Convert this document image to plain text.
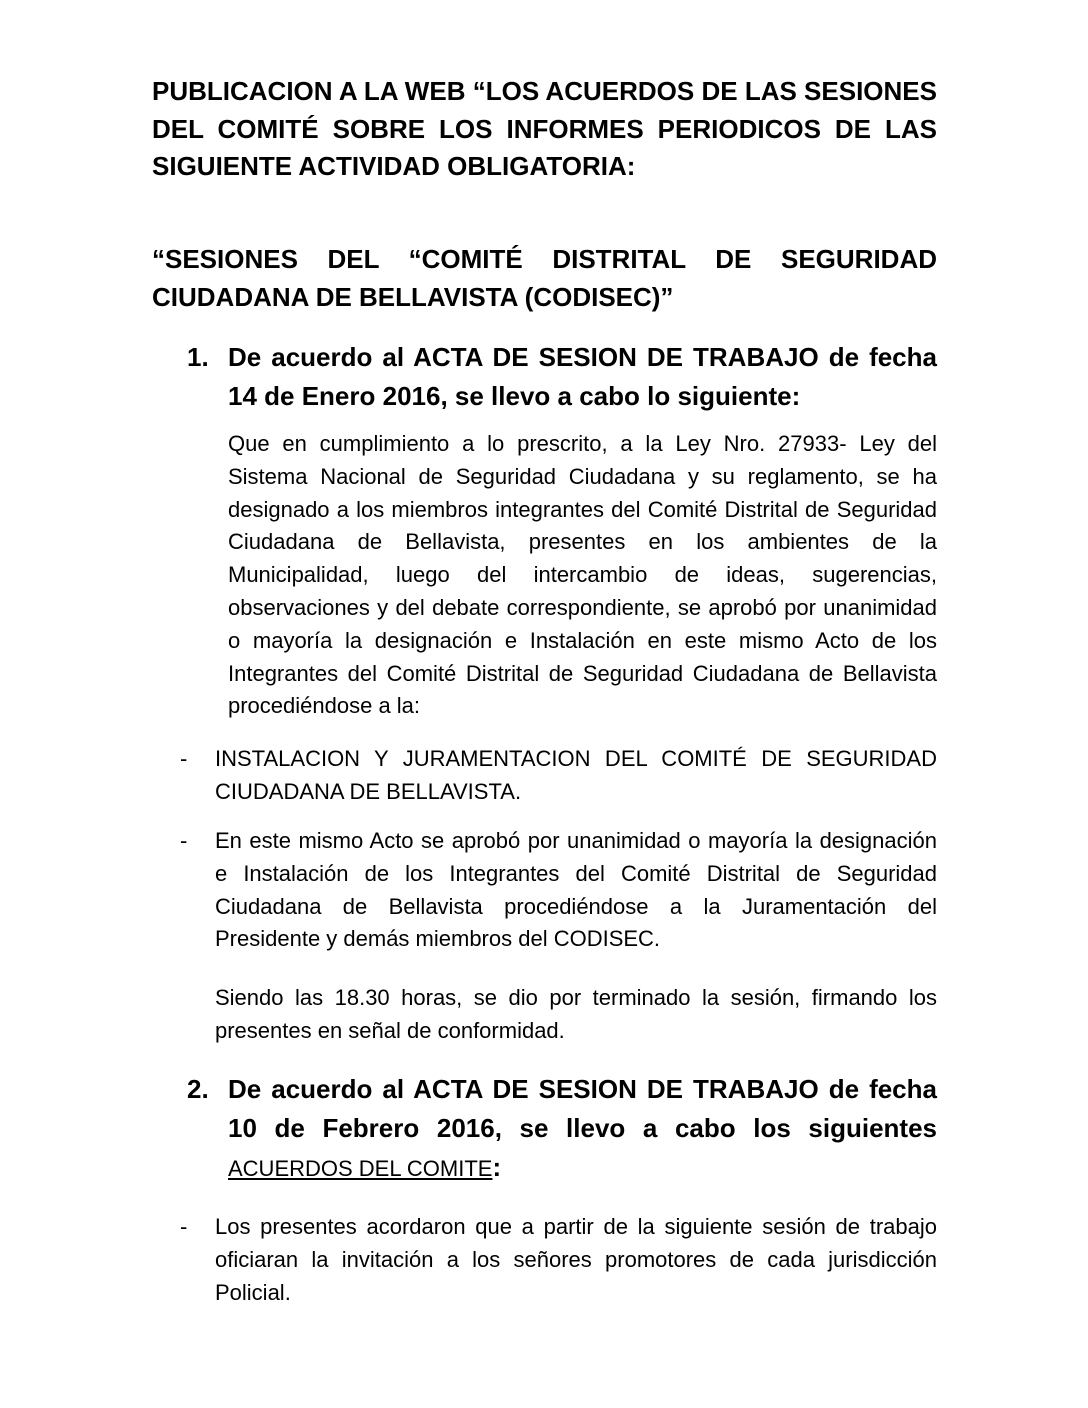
PUBLICACION A LA WEB “LOS ACUERDOS DE LAS SESIONES DEL COMITÉ SOBRE LOS INFORMES PERIODICOS DE LAS SIGUIENTE ACTIVIDAD OBLIGATORIA:
“SESIONES DEL “COMITÉ DISTRITAL DE SEGURIDAD CIUDADANA DE BELLAVISTA (CODISEC)”
1. De acuerdo al ACTA DE SESION DE TRABAJO de fecha 14 de Enero 2016, se llevo a cabo lo siguiente:
Que en cumplimiento a lo prescrito, a la Ley Nro. 27933- Ley del Sistema Nacional de Seguridad Ciudadana y su reglamento, se ha designado a los miembros integrantes del Comité Distrital de Seguridad Ciudadana de Bellavista, presentes en los ambientes de la Municipalidad, luego del intercambio de ideas, sugerencias, observaciones y del debate correspondiente, se aprobó por unanimidad o mayoría la designación e Instalación en este mismo Acto de los Integrantes del Comité Distrital de Seguridad Ciudadana de Bellavista procediéndose a la:
- INSTALACION Y JURAMENTACION DEL COMITÉ DE SEGURIDAD CIUDADANA DE BELLAVISTA.
- En este mismo Acto se aprobó por unanimidad o mayoría la designación e Instalación de los Integrantes del Comité Distrital de Seguridad Ciudadana de Bellavista procediéndose a la Juramentación del Presidente y demás miembros del CODISEC.
Siendo las 18.30 horas, se dio por terminado la sesión, firmando los presentes en señal de conformidad.
2. De acuerdo al ACTA DE SESION DE TRABAJO de fecha 10 de Febrero 2016, se llevo a cabo los siguientes ACUERDOS DEL COMITE:
- Los presentes acordaron que a partir de la siguiente sesión de trabajo oficiaran la invitación a los señores promotores de cada jurisdicción Policial.
